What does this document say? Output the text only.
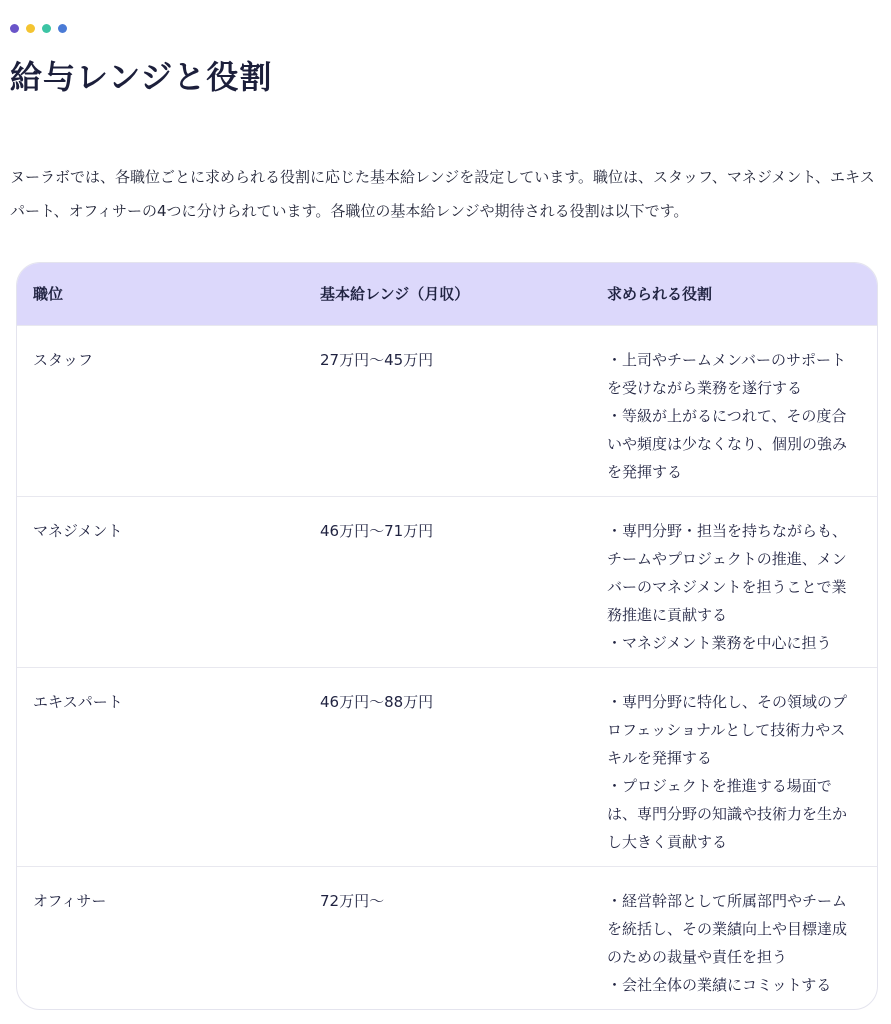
給与レンジと役割

ヌーラボでは、各職位ごとに求められる役割に応じた基本給レンジを設定しています。職位は、スタッフ、マネジメント、エキスパート、オフィサーの4つに分けられています。各職位の基本給レンジや期待される役割は以下です。

職位	基本給レンジ（月収）	求められる役割
スタッフ	27万円〜45万円	・上司やチームメンバーのサポートを受けながら業務を遂行する
・等級が上がるにつれて、その度合いや頻度は少なくなり、個別の強みを発揮する
マネジメント	46万円〜71万円	・専門分野・担当を持ちながらも、チームやプロジェクトの推進、メンバーのマネジメントを担うことで業務推進に貢献する
・マネジメント業務を中心に担う
エキスパート	46万円〜88万円	・専門分野に特化し、その領域のプロフェッショナルとして技術力やスキルを発揮する
・プロジェクトを推進する場面では、専門分野の知識や技術力を生かし大きく貢献する
オフィサー	72万円〜	・経営幹部として所属部門やチームを統括し、その業績向上や目標達成のための裁量や責任を担う
・会社全体の業績にコミットする
